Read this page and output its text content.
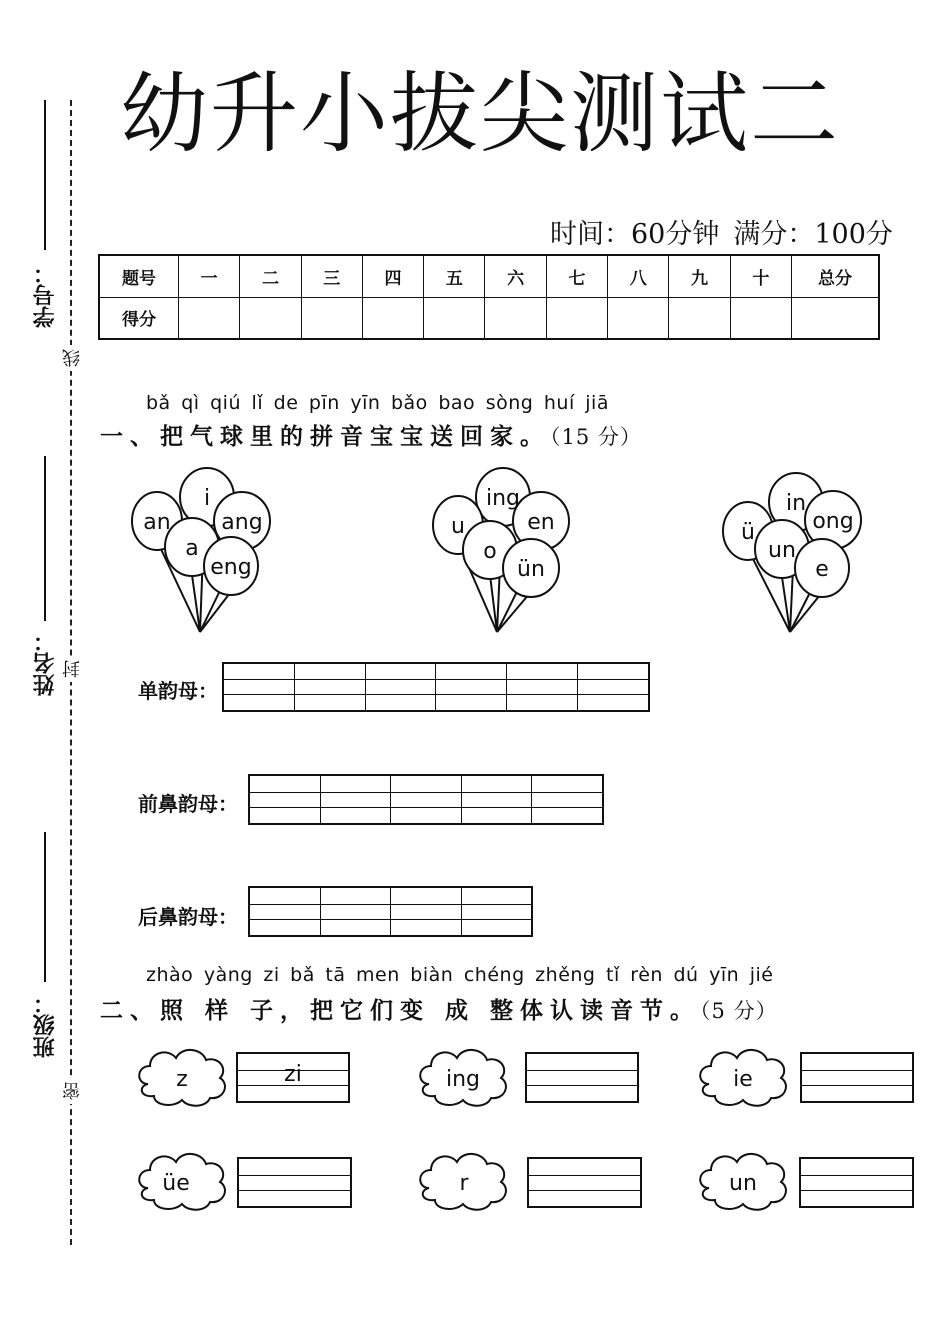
幼升小拔尖测试二
时间：60分钟 满分：100分
题号	一	二	三	四	五	六	七	八	九	十	总分
得分											
线
封
密
学号：
姓名：
班级：
bǎ qì qiú lǐ de pīn yīn bǎo bao sòng huí jiā
一、把气球里的拼音宝宝送回家。（15 分）
i
an ang
a
eng
ing
u	en
o
ün
in
ü	ong
un
e
单韵母：
前鼻韵母：
后鼻韵母：
zhào yàng zi bǎ tā men biàn chéng zhěng tǐ rèn dú yīn jié
二、照 样 子，把它们变 成 整体认读音节。（5 分）
z	ing	ie
üe	r	un
zi
